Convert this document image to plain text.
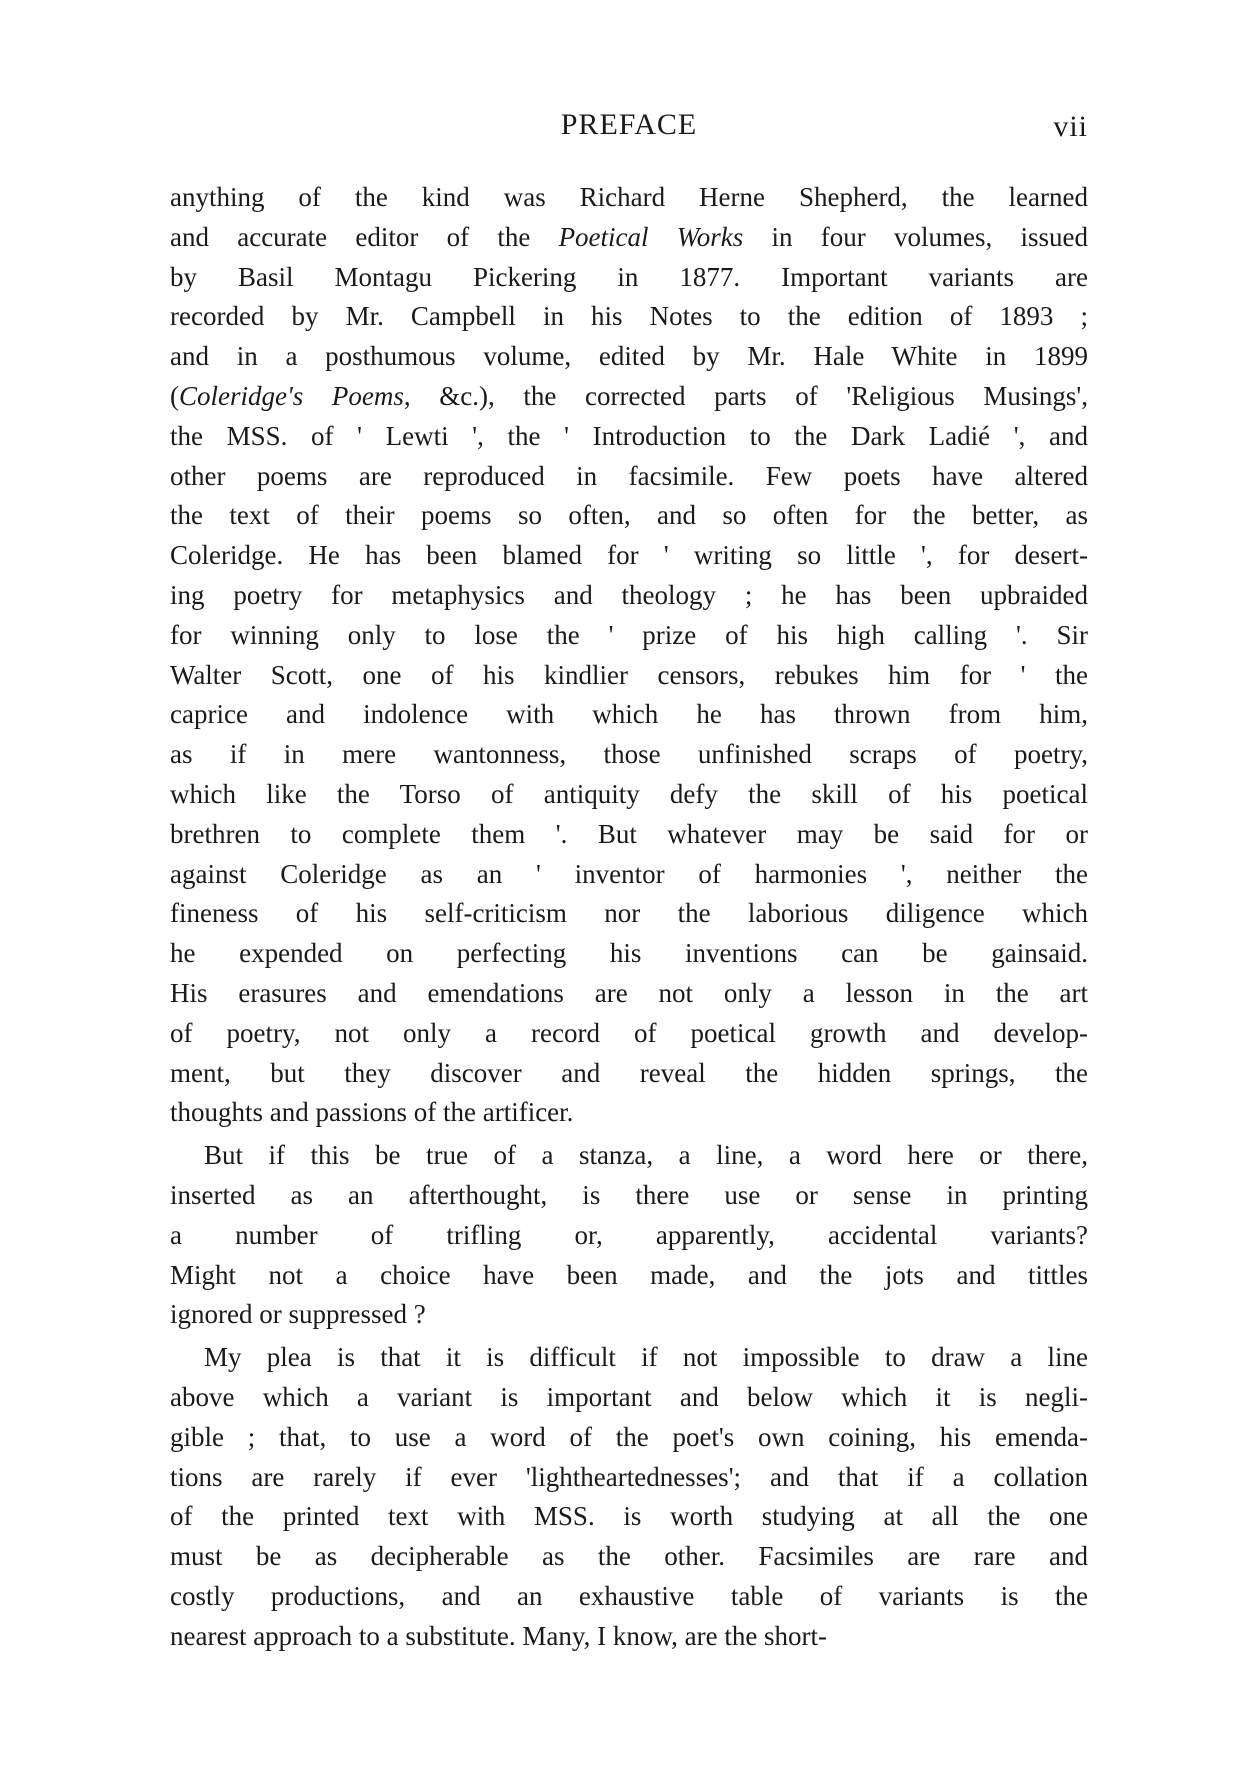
PREFACE	vii
anything of the kind was Richard Herne Shepherd, the learned
and accurate editor of the Poetical Works in four volumes, issued
by Basil Montagu Pickering in 1877. Important variants are
recorded by Mr. Campbell in his Notes to the edition of 1893 ;
and in a posthumous volume, edited by Mr. Hale White in 1899
(Coleridge's Poems, &c.), the corrected parts of 'Religious Musings',
the MSS. of ' Lewti ', the ' Introduction to the Dark Ladié ', and
other poems are reproduced in facsimile. Few poets have altered
the text of their poems so often, and so often for the better, as
Coleridge. He has been blamed for ' writing so little ', for desert-
ing poetry for metaphysics and theology ; he has been upbraided
for winning only to lose the ' prize of his high calling '. Sir
Walter Scott, one of his kindlier censors, rebukes him for ' the
caprice and indolence with which he has thrown from him,
as if in mere wantonness, those unfinished scraps of poetry,
which like the Torso of antiquity defy the skill of his poetical
brethren to complete them '. But whatever may be said for or
against Coleridge as an ' inventor of harmonies ', neither the
fineness of his self-criticism nor the laborious diligence which
he expended on perfecting his inventions can be gainsaid.
His erasures and emendations are not only a lesson in the art
of poetry, not only a record of poetical growth and develop-
ment, but they discover and reveal the hidden springs, the
thoughts and passions of the artificer.
But if this be true of a stanza, a line, a word here or there,
inserted as an afterthought, is there use or sense in printing
a number of trifling or, apparently, accidental variants?
Might not a choice have been made, and the jots and tittles
ignored or suppressed ?
My plea is that it is difficult if not impossible to draw a line
above which a variant is important and below which it is negli-
gible ; that, to use a word of the poet's own coining, his emenda-
tions are rarely if ever 'lightheartednesses'; and that if a collation
of the printed text with MSS. is worth studying at all the one
must be as decipherable as the other. Facsimiles are rare and
costly productions, and an exhaustive table of variants is the
nearest approach to a substitute. Many, I know, are the short-
